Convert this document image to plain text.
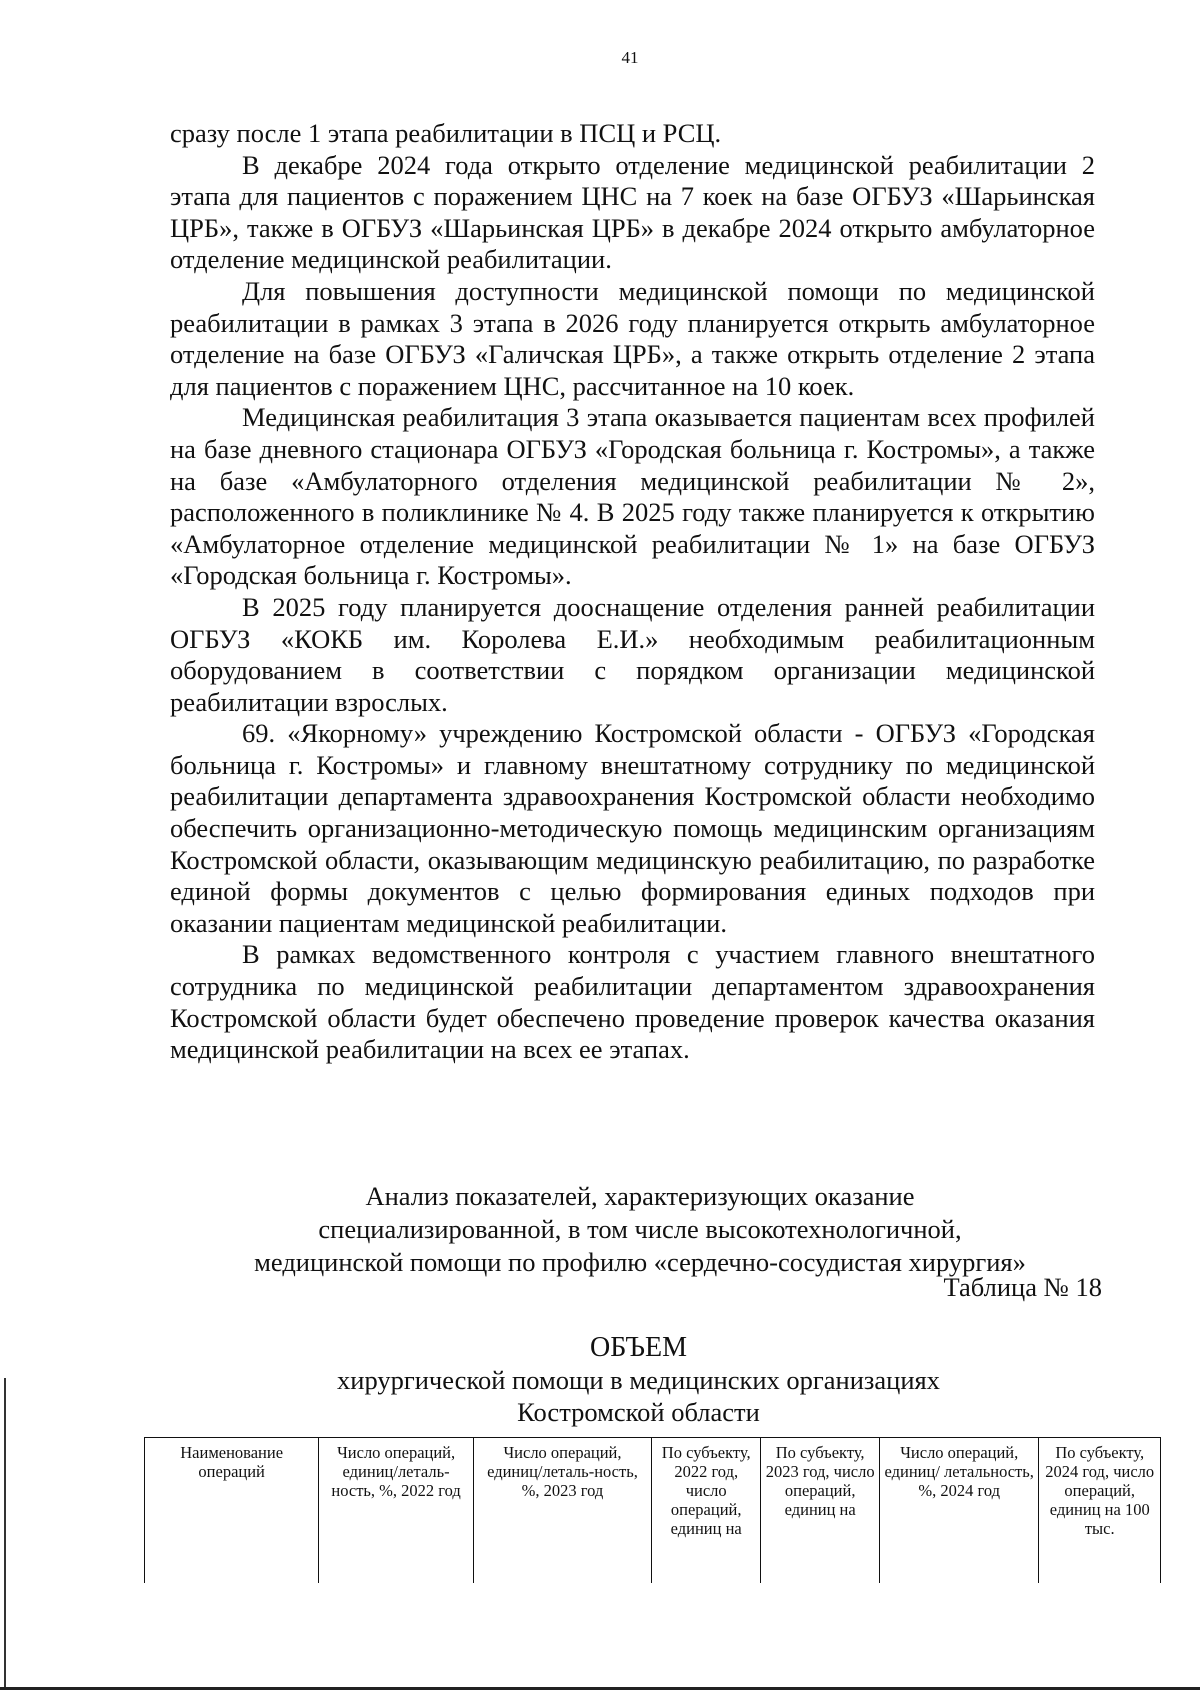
41

сразу после 1 этапа реабилитации в ПСЦ и РСЦ.

В декабре 2024 года открыто отделение медицинской реабилитации 2 этапа для пациентов с поражением ЦНС на 7 коек на базе ОГБУЗ «Шарьинская ЦРБ», также в ОГБУЗ «Шарьинская ЦРБ» в декабре 2024 открыто амбулаторное отделение медицинской реабилитации.

Для повышения доступности медицинской помощи по медицинской реабилитации в рамках 3 этапа в 2026 году планируется открыть амбулаторное отделение на базе ОГБУЗ «Галичская ЦРБ», а также открыть отделение 2 этапа для пациентов с поражением ЦНС, рассчитанное на 10 коек.

Медицинская реабилитация 3 этапа оказывается пациентам всех профилей на базе дневного стационара ОГБУЗ «Городская больница г. Костромы», а также на базе «Амбулаторного отделения медицинской реабилитации № 2», расположенного в поликлинике № 4. В 2025 году также планируется к открытию «Амбулаторное отделение медицинской реабилитации № 1» на базе ОГБУЗ «Городская больница г. Костромы».

В 2025 году планируется дооснащение отделения ранней реабилитации ОГБУЗ «КОКБ им. Королева Е.И.» необходимым реабилитационным оборудованием в соответствии с порядком организации медицинской реабилитации взрослых.

69. «Якорному» учреждению Костромской области - ОГБУЗ «Городская больница г. Костромы» и главному внештатному сотруднику по медицинской реабилитации департамента здравоохранения Костромской области необходимо обеспечить организационно-методическую помощь медицинским организациям Костромской области, оказывающим медицинскую реабилитацию, по разработке единой формы документов с целью формирования единых подходов при оказании пациентам медицинской реабилитации.

В рамках ведомственного контроля с участием главного внештатного сотрудника по медицинской реабилитации департаментом здравоохранения Костромской области будет обеспечено проведение проверок качества оказания медицинской реабилитации на всех ее этапах.

Анализ показателей, характеризующих оказание
специализированной, в том числе высокотехнологичной,
медицинской помощи по профилю «сердечно-сосудистая хирургия»
Таблица № 18
ОБЪЕМ
хирургической помощи в медицинских организациях
Костромской области
Наименование операций	Число операций, единиц/леталь-ность, %, 2022 год	Число операций, единиц/леталь-ность, %, 2023 год	По субъекту, 2022 год, число операций, единиц на	По субъекту, 2023 год, число операций, единиц на	Число операций, единиц/ летальность, %, 2024 год	По субъекту, 2024 год, число операций, единиц на 100 тыс.
